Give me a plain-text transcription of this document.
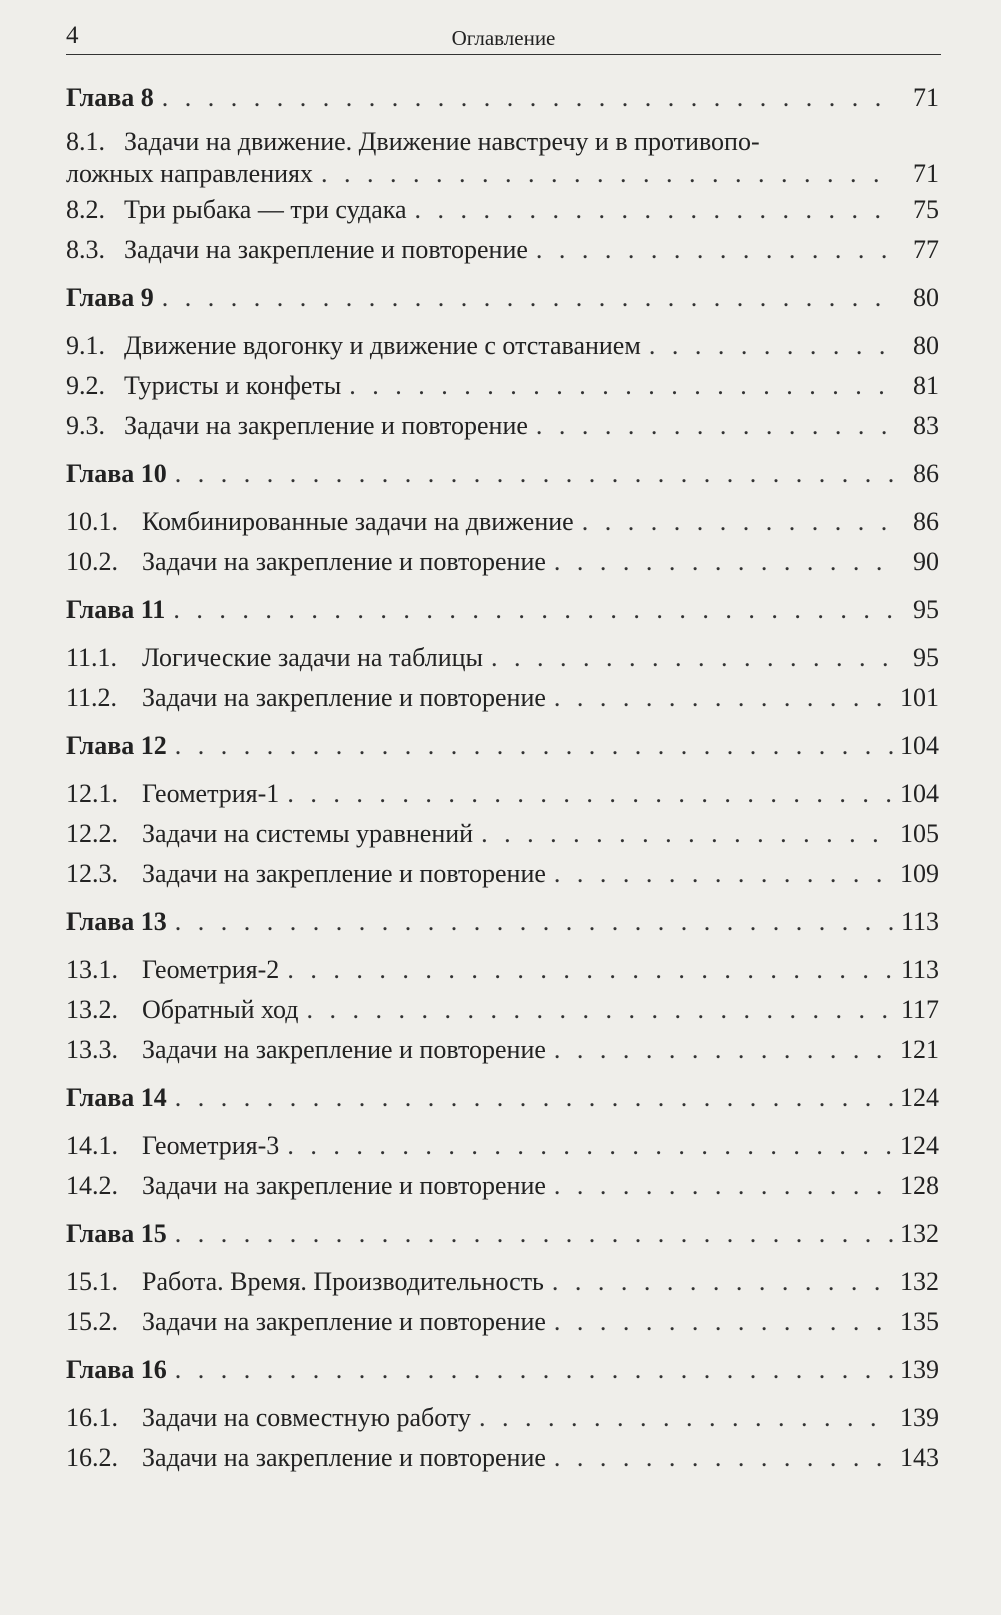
4	Оглавление
Глава 8 . . .	71
8.1. Задачи на движение. Движение навстречу и в противопо-
ложных направлениях . . .	71
8.2. Три рыбака — три судака . . .	75
8.3. Задачи на закрепление и повторение . . .	77
Глава 9 . . .	80
9.1. Движение вдогонку и движение с отставанием . . .	80
9.2. Туристы и конфеты . . .	81
9.3. Задачи на закрепление и повторение . . .	83
Глава 10 . . .	86
10.1. Комбинированные задачи на движение . . .	86
10.2. Задачи на закрепление и повторение . . .	90
Глава 11 . . .	95
11.1. Логические задачи на таблицы . . .	95
11.2. Задачи на закрепление и повторение . . .	101
Глава 12 . . .	104
12.1. Геометрия-1 . . .	104
12.2. Задачи на системы уравнений . . .	105
12.3. Задачи на закрепление и повторение . . .	109
Глава 13 . . .	113
13.1. Геометрия-2 . . .	113
13.2. Обратный ход . . .	117
13.3. Задачи на закрепление и повторение . . .	121
Глава 14 . . .	124
14.1. Геометрия-3 . . .	124
14.2. Задачи на закрепление и повторение . . .	128
Глава 15 . . .	132
15.1. Работа. Время. Производительность . . .	132
15.2. Задачи на закрепление и повторение . . .	135
Глава 16 . . .	139
16.1. Задачи на совместную работу . . .	139
16.2. Задачи на закрепление и повторение . . .	143
